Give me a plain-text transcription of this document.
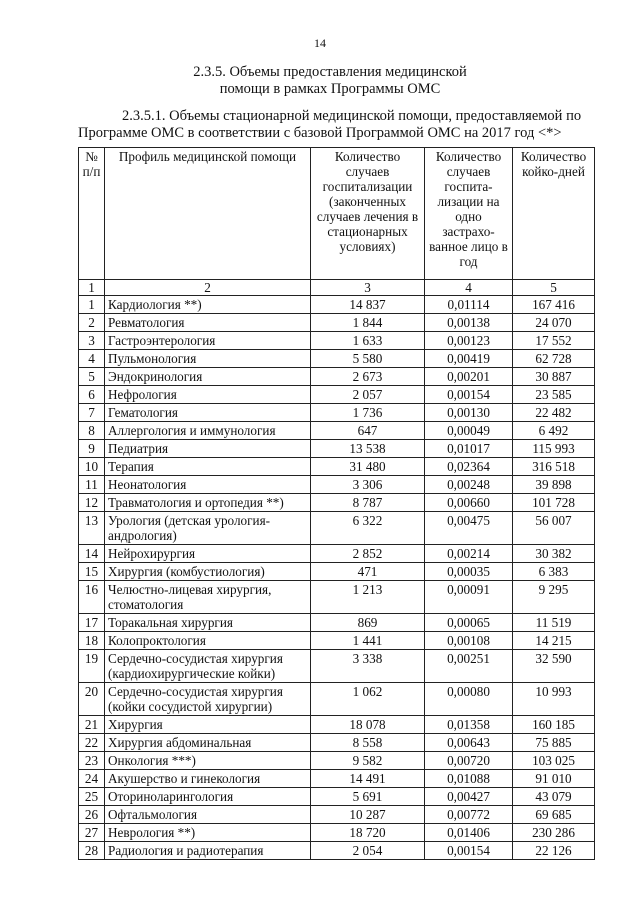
14
2.3.5. Объемы предоставления медицинской
помощи в рамках Программы ОМС
2.3.5.1. Объемы стационарной медицинской помощи, предоставляемой по
Программе ОМС в соответствии с базовой Программой ОМС на 2017 год <*>
№ п/п	Профиль медицинской помощи	Количество случаев госпитализации (законченных случаев лечения в стационарных условиях)	Количество случаев госпита-лизации на одно застрахо-ванное лицо в год	Количество койко-дней
1	2	3	4	5
1	Кардиология **)	14 837	0,01114	167 416
2	Ревматология	1 844	0,00138	24 070
3	Гастроэнтерология	1 633	0,00123	17 552
4	Пульмонология	5 580	0,00419	62 728
5	Эндокринология	2 673	0,00201	30 887
6	Нефрология	2 057	0,00154	23 585
7	Гематология	1 736	0,00130	22 482
8	Аллергология и иммунология	647	0,00049	6 492
9	Педиатрия	13 538	0,01017	115 993
10	Терапия	31 480	0,02364	316 518
11	Неонатология	3 306	0,00248	39 898
12	Травматология и ортопедия **)	8 787	0,00660	101 728
13	Урология (детская урология-андрология)	6 322	0,00475	56 007
14	Нейрохирургия	2 852	0,00214	30 382
15	Хирургия (комбустиология)	471	0,00035	6 383
16	Челюстно-лицевая хирургия, стоматология	1 213	0,00091	9 295
17	Торакальная хирургия	869	0,00065	11 519
18	Колопроктология	1 441	0,00108	14 215
19	Сердечно-сосудистая хирургия (кардиохирургические койки)	3 338	0,00251	32 590
20	Сердечно-сосудистая хирургия (койки сосудистой хирургии)	1 062	0,00080	10 993
21	Хирургия	18 078	0,01358	160 185
22	Хирургия абдоминальная	8 558	0,00643	75 885
23	Онкология ***)	9 582	0,00720	103 025
24	Акушерство и гинекология	14 491	0,01088	91 010
25	Оториноларингология	5 691	0,00427	43 079
26	Офтальмология	10 287	0,00772	69 685
27	Неврология **)	18 720	0,01406	230 286
28	Радиология и радиотерапия	2 054	0,00154	22 126
